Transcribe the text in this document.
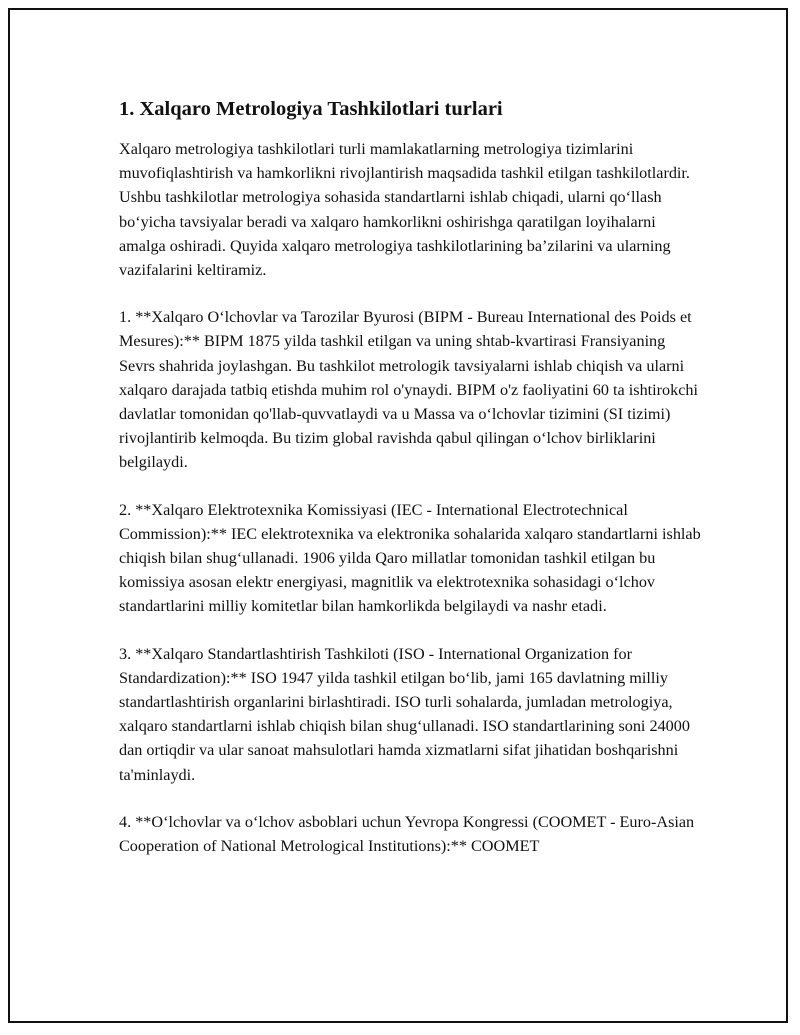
1. Xalqaro Metrologiya Tashkilotlari turlari

Xalqaro metrologiya tashkilotlari turli mamlakatlarning metrologiya tizimlarini muvofiqlashtirish va hamkorlikni rivojlantirish maqsadida tashkil etilgan tashkilotlardir. Ushbu tashkilotlar metrologiya sohasida standartlarni ishlab chiqadi, ularni qo‘llash bo‘yicha tavsiyalar beradi va xalqaro hamkorlikni oshirishga qaratilgan loyihalarni amalga oshiradi. Quyida xalqaro metrologiya tashkilotlarining ba’zilarini va ularning vazifalarini keltiramiz.

1. **Xalqaro O‘lchovlar va Tarozilar Byurosi (BIPM - Bureau International des Poids et Mesures):** BIPM 1875 yilda tashkil etilgan va uning shtab-kvartirasi Fransiyaning Sevrs shahrida joylashgan. Bu tashkilot metrologik tavsiyalarni ishlab chiqish va ularni xalqaro darajada tatbiq etishda muhim rol o'ynaydi. BIPM o'z faoliyatini 60 ta ishtirokchi davlatlar tomonidan qo'llab-quvvatlaydi va u Massa va o‘lchovlar tizimini (SI tizimi) rivojlantirib kelmoqda. Bu tizim global ravishda qabul qilingan o‘lchov birliklarini belgilaydi.

2. **Xalqaro Elektrotexnika Komissiyasi (IEC - International Electrotechnical Commission):** IEC elektrotexnika va elektronika sohalarida xalqaro standartlarni ishlab chiqish bilan shug‘ullanadi. 1906 yilda Qaro millatlar tomonidan tashkil etilgan bu komissiya asosan elektr energiyasi, magnitlik va elektrotexnika sohasidagi o‘lchov standartlarini milliy komitetlar bilan hamkorlikda belgilaydi va nashr etadi.

3. **Xalqaro Standartlashtirish Tashkiloti (ISO - International Organization for Standardization):** ISO 1947 yilda tashkil etilgan bo‘lib, jami 165 davlatning milliy standartlashtirish organlarini birlashtiradi. ISO turli sohalarda, jumladan metrologiya, xalqaro standartlarni ishlab chiqish bilan shug‘ullanadi. ISO standartlarining soni 24000 dan ortiqdir va ular sanoat mahsulotlari hamda xizmatlarni sifat jihatidan boshqarishni ta'minlaydi.

4. **O‘lchovlar va o‘lchov asboblari uchun Yevropa Kongressi (COOMET - Euro-Asian Cooperation of National Metrological Institutions):** COOMET
